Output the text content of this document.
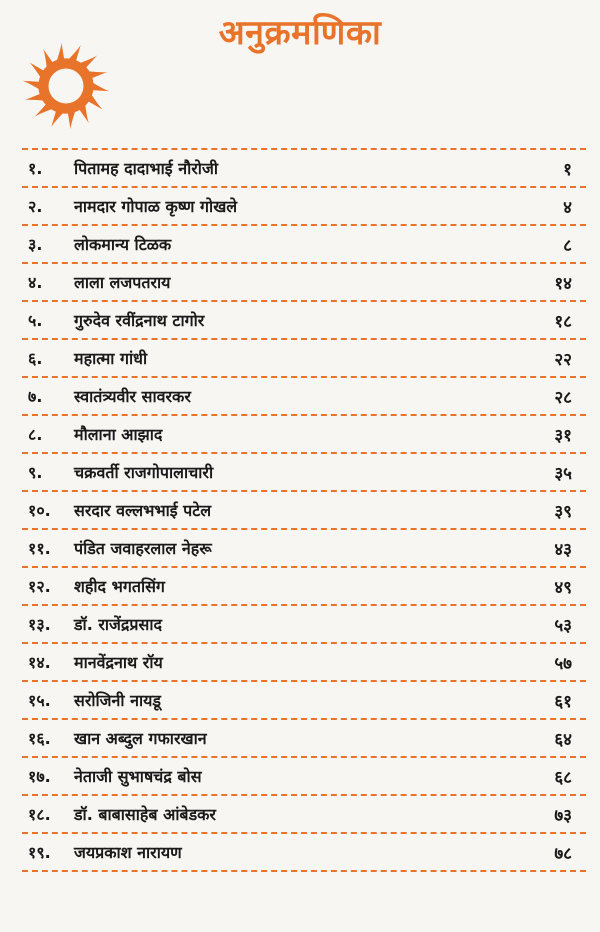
अनुक्रमणिका
१.	पितामह दादाभाई नौरोजी	१
२.	नामदार गोपाळ कृष्ण गोखले	४
३.	लोकमान्य टिळक	८
४.	लाला लजपतराय	१४
५.	गुरुदेव रवींद्रनाथ टागोर	१८
६.	महात्मा गांधी	२२
७.	स्वातंत्र्यवीर सावरकर	२८
८.	मौलाना आझाद	३१
९.	चक्रवर्ती राजगोपालाचारी	३५
१०.	सरदार वल्लभभाई पटेल	३९
११.	पंडित जवाहरलाल नेहरू	४३
१२.	शहीद भगतसिंग	४९
१३.	डॉ. राजेंद्रप्रसाद	५३
१४.	मानवेंद्रनाथ रॉय	५७
१५.	सरोजिनी नायडू	६१
१६.	खान अब्दुल गफारखान	६४
१७.	नेताजी सुभाषचंद्र बोस	६८
१८.	डॉ. बाबासाहेब आंबेडकर	७३
१९.	जयप्रकाश नारायण	७८
